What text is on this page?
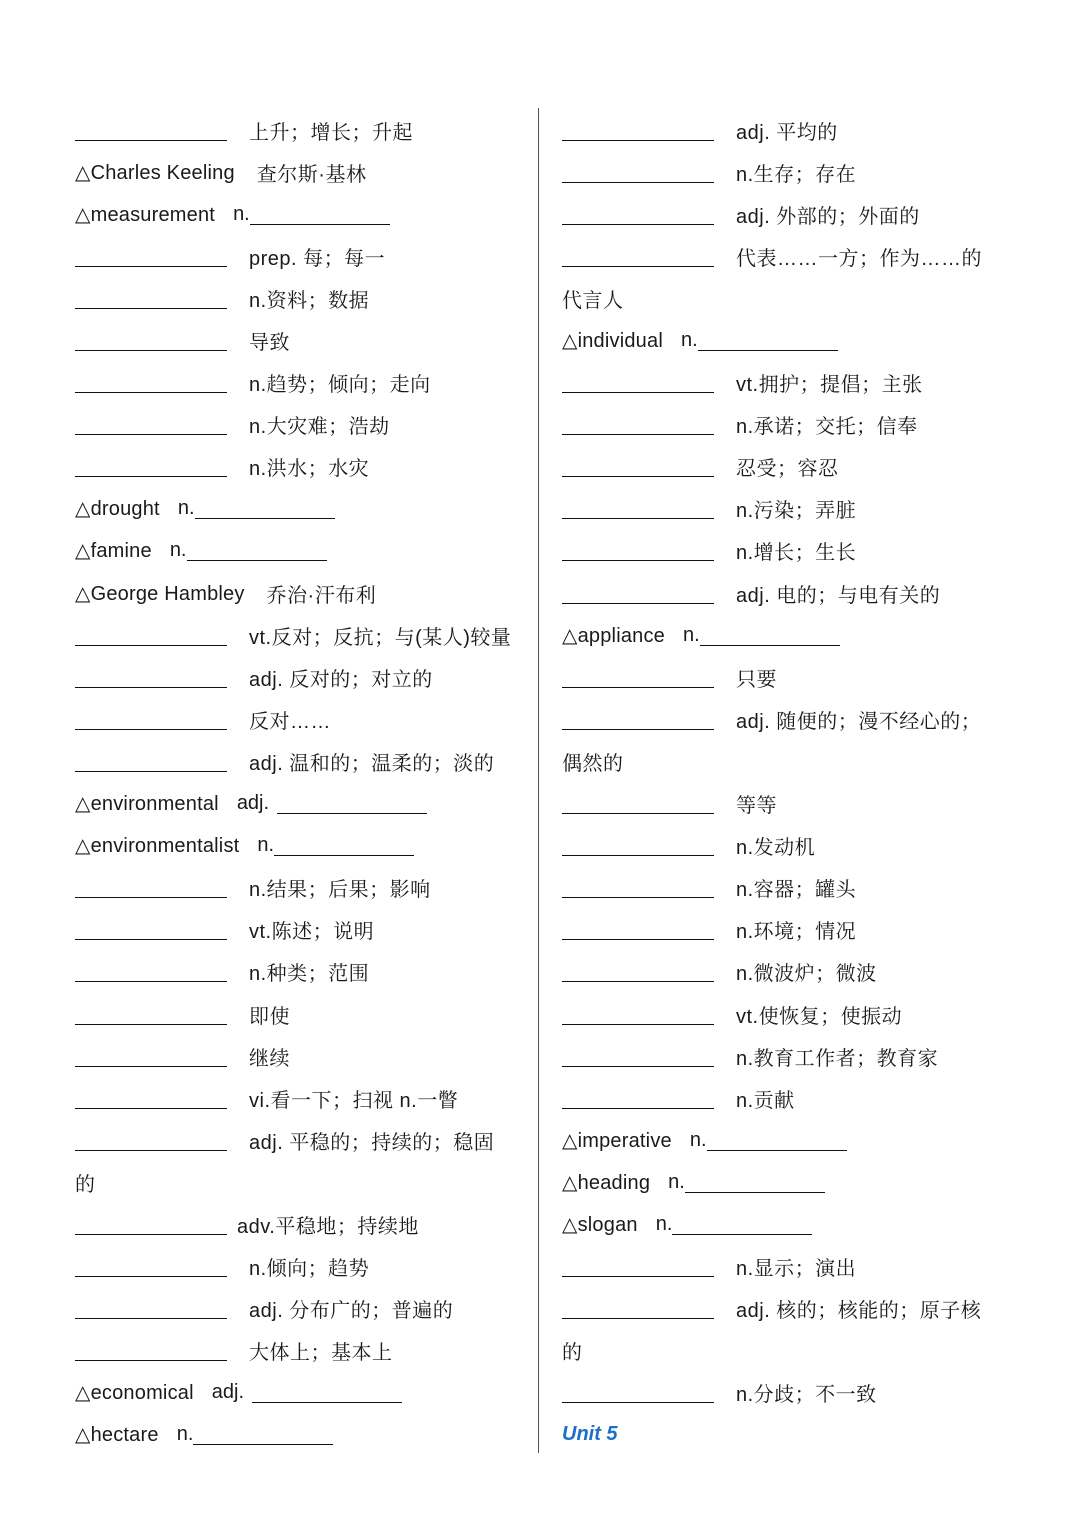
上升；增长；升起
△Charles Keeling 查尔斯·基林
△measurement n.
prep. 每；每一
n.资料；数据
导致
n.趋势；倾向；走向
n.大灾难；浩劫
n.洪水；水灾
△drought n.
△famine n.
△George Hambley 乔治·汗布利
vt.反对；反抗；与(某人)较量
adj. 反对的；对立的
反对……
adj. 温和的；温柔的；淡的
△environmental adj.
△environmentalist n.
n.结果；后果；影响
vt.陈述；说明
n.种类；范围
即使
继续
vi.看一下；扫视 n.一瞥
adj. 平稳的；持续的；稳固
的
adv.平稳地；持续地
n.倾向；趋势
adj. 分布广的；普遍的
大体上；基本上
△economical adj.
△hectare n.
adj. 平均的
n.生存；存在
adj. 外部的；外面的
代表……一方；作为……的
代言人
△individual n.
vt.拥护；提倡；主张
n.承诺；交托；信奉
忍受；容忍
n.污染；弄脏
n.增长；生长
adj. 电的；与电有关的
△appliance n.
只要
adj. 随便的；漫不经心的；
偶然的
等等
n.发动机
n.容器；罐头
n.环境；情况
n.微波炉；微波
vt.使恢复；使振动
n.教育工作者；教育家
n.贡献
△imperative n.
△heading n.
△slogan n.
n.显示；演出
adj. 核的；核能的；原子核
的
n.分歧；不一致
Unit 5
